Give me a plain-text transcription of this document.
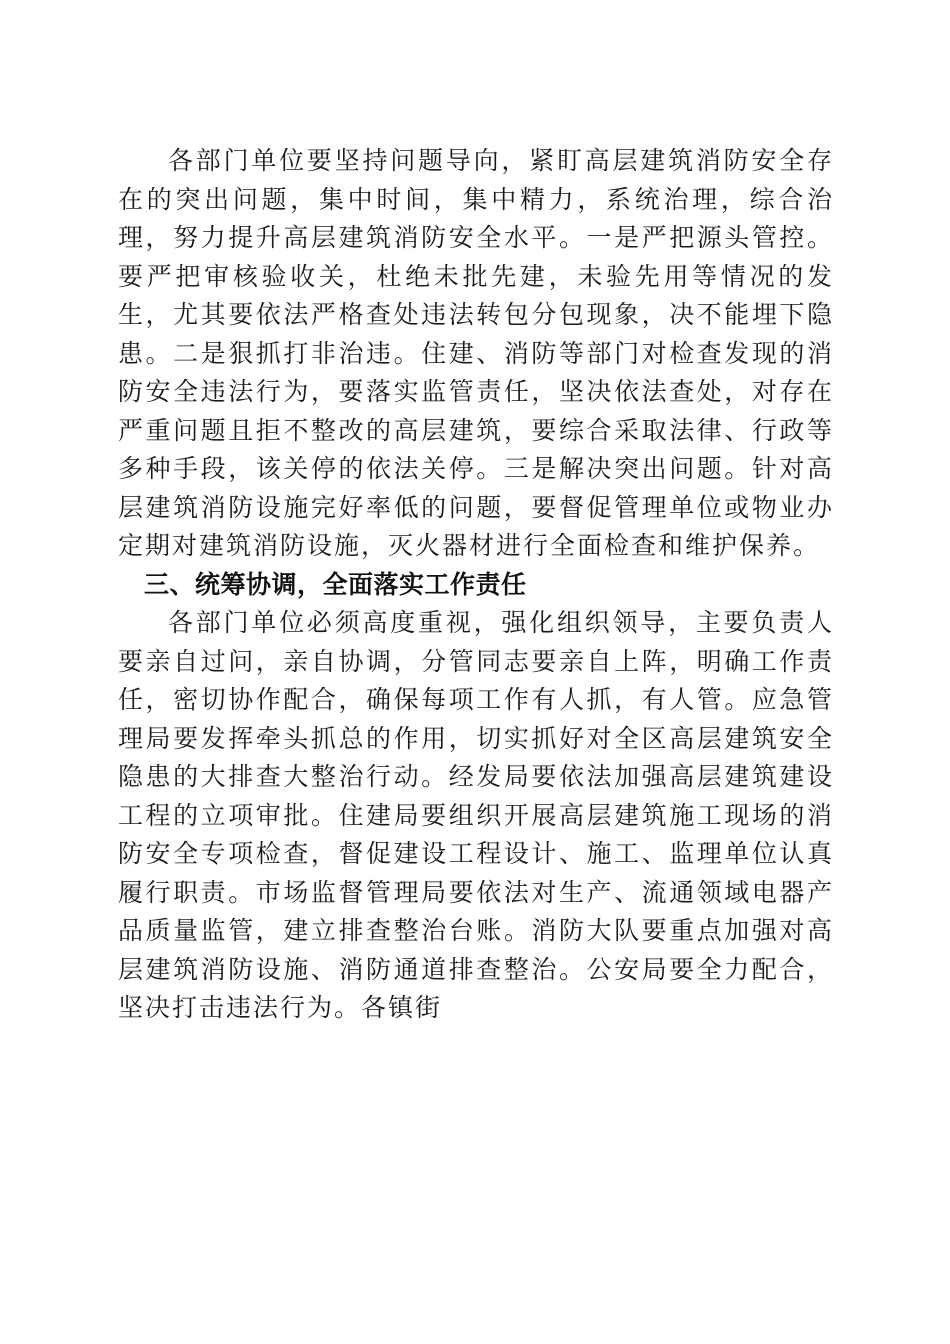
各部门单位要坚持问题导向，紧盯高层建筑消防安全存在的突出问题，集中时间，集中精力，系统治理，综合治理，努力提升高层建筑消防安全水平。一是严把源头管控。要严把审核验收关，杜绝未批先建，未验先用等情况的发生，尤其要依法严格查处违法转包分包现象，决不能埋下隐患。二是狠抓打非治违。住建、消防等部门对检查发现的消防安全违法行为，要落实监管责任，坚决依法查处，对存在严重问题且拒不整改的高层建筑，要综合采取法律、行政等多种手段，该关停的依法关停。三是解决突出问题。针对高层建筑消防设施完好率低的问题，要督促管理单位或物业办定期对建筑消防设施，灭火器材进行全面检查和维护保养。

三、统筹协调，全面落实工作责任

各部门单位必须高度重视，强化组织领导，主要负责人要亲自过问，亲自协调，分管同志要亲自上阵，明确工作责任，密切协作配合，确保每项工作有人抓，有人管。应急管理局要发挥牵头抓总的作用，切实抓好对全区高层建筑安全隐患的大排查大整治行动。经发局要依法加强高层建筑建设工程的立项审批。住建局要组织开展高层建筑施工现场的消防安全专项检查，督促建设工程设计、施工、监理单位认真履行职责。市场监督管理局要依法对生产、流通领域电器产品质量监管，建立排查整治台账。消防大队要重点加强对高层建筑消防设施、消防通道排查整治。公安局要全力配合，坚决打击违法行为。各镇街
